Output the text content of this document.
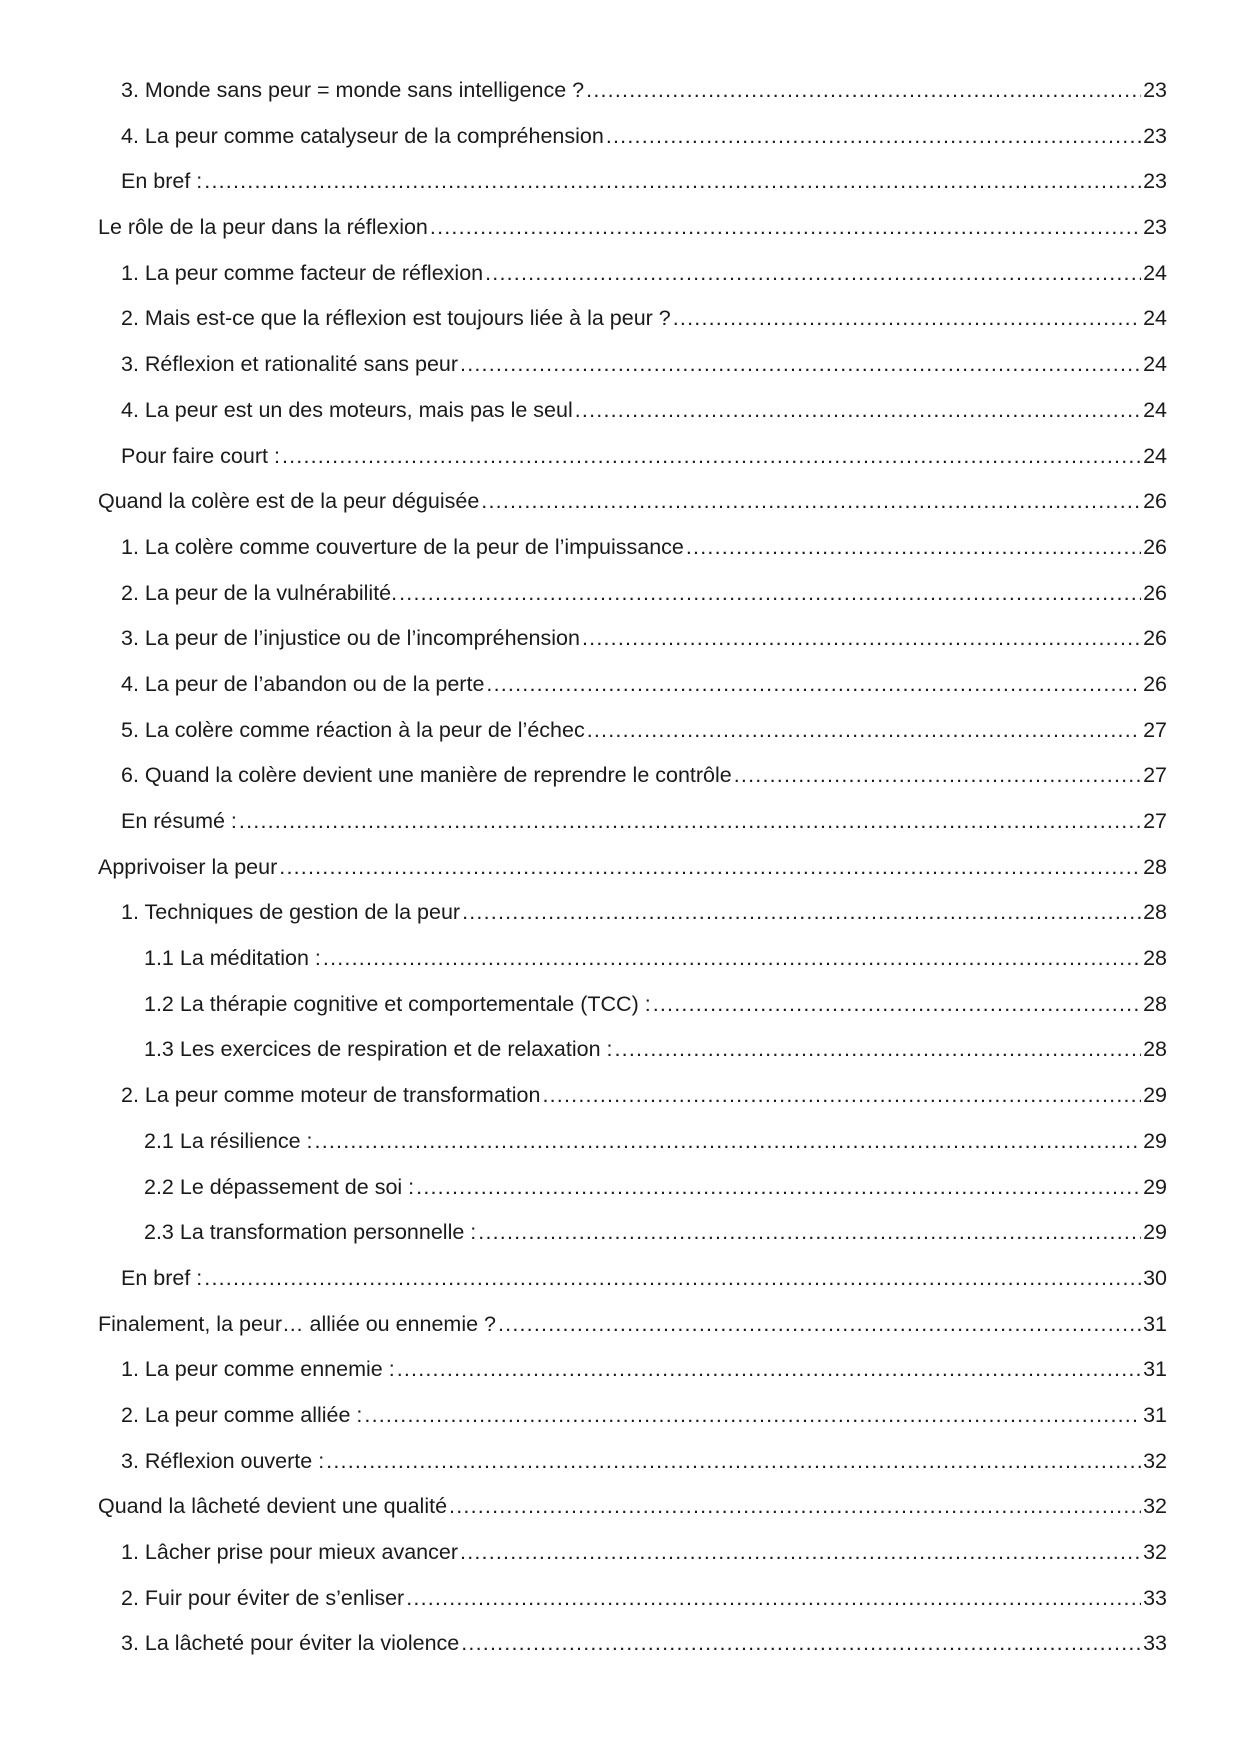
3. Monde sans peur = monde sans intelligence ? .....	23
4. La peur comme catalyseur de la compréhension .....	23
En bref : .....	23
Le rôle de la peur dans la réflexion .....	23
1. La peur comme facteur de réflexion .....	24
2. Mais est-ce que la réflexion est toujours liée à la peur ? .....	24
3. Réflexion et rationalité sans peur .....	24
4. La peur est un des moteurs, mais pas le seul .....	24
Pour faire court : .....	24
Quand la colère est de la peur déguisée .....	26
1. La colère comme couverture de la peur de l’impuissance .....	26
2. La peur de la vulnérabilité. .....	26
3. La peur de l’injustice ou de l’incompréhension .....	26
4. La peur de l’abandon ou de la perte .....	26
5. La colère comme réaction à la peur de l’échec .....	27
6. Quand la colère devient une manière de reprendre le contrôle .....	27
En résumé : .....	27
Apprivoiser la peur .....	28
1. Techniques de gestion de la peur .....	28
1.1 La méditation : .....	28
1.2 La thérapie cognitive et comportementale (TCC) : .....	28
1.3 Les exercices de respiration et de relaxation : .....	28
2. La peur comme moteur de transformation .....	29
2.1 La résilience : .....	29
2.2 Le dépassement de soi : .....	29
2.3 La transformation personnelle : .....	29
En bref : .....	30
Finalement, la peur… alliée ou ennemie ? .....	31
1. La peur comme ennemie : .....	31
2. La peur comme alliée : .....	31
3. Réflexion ouverte : .....	32
Quand la lâcheté devient une qualité .....	32
1. Lâcher prise pour mieux avancer .....	32
2. Fuir pour éviter de s’enliser .....	33
3. La lâcheté pour éviter la violence .....	33
